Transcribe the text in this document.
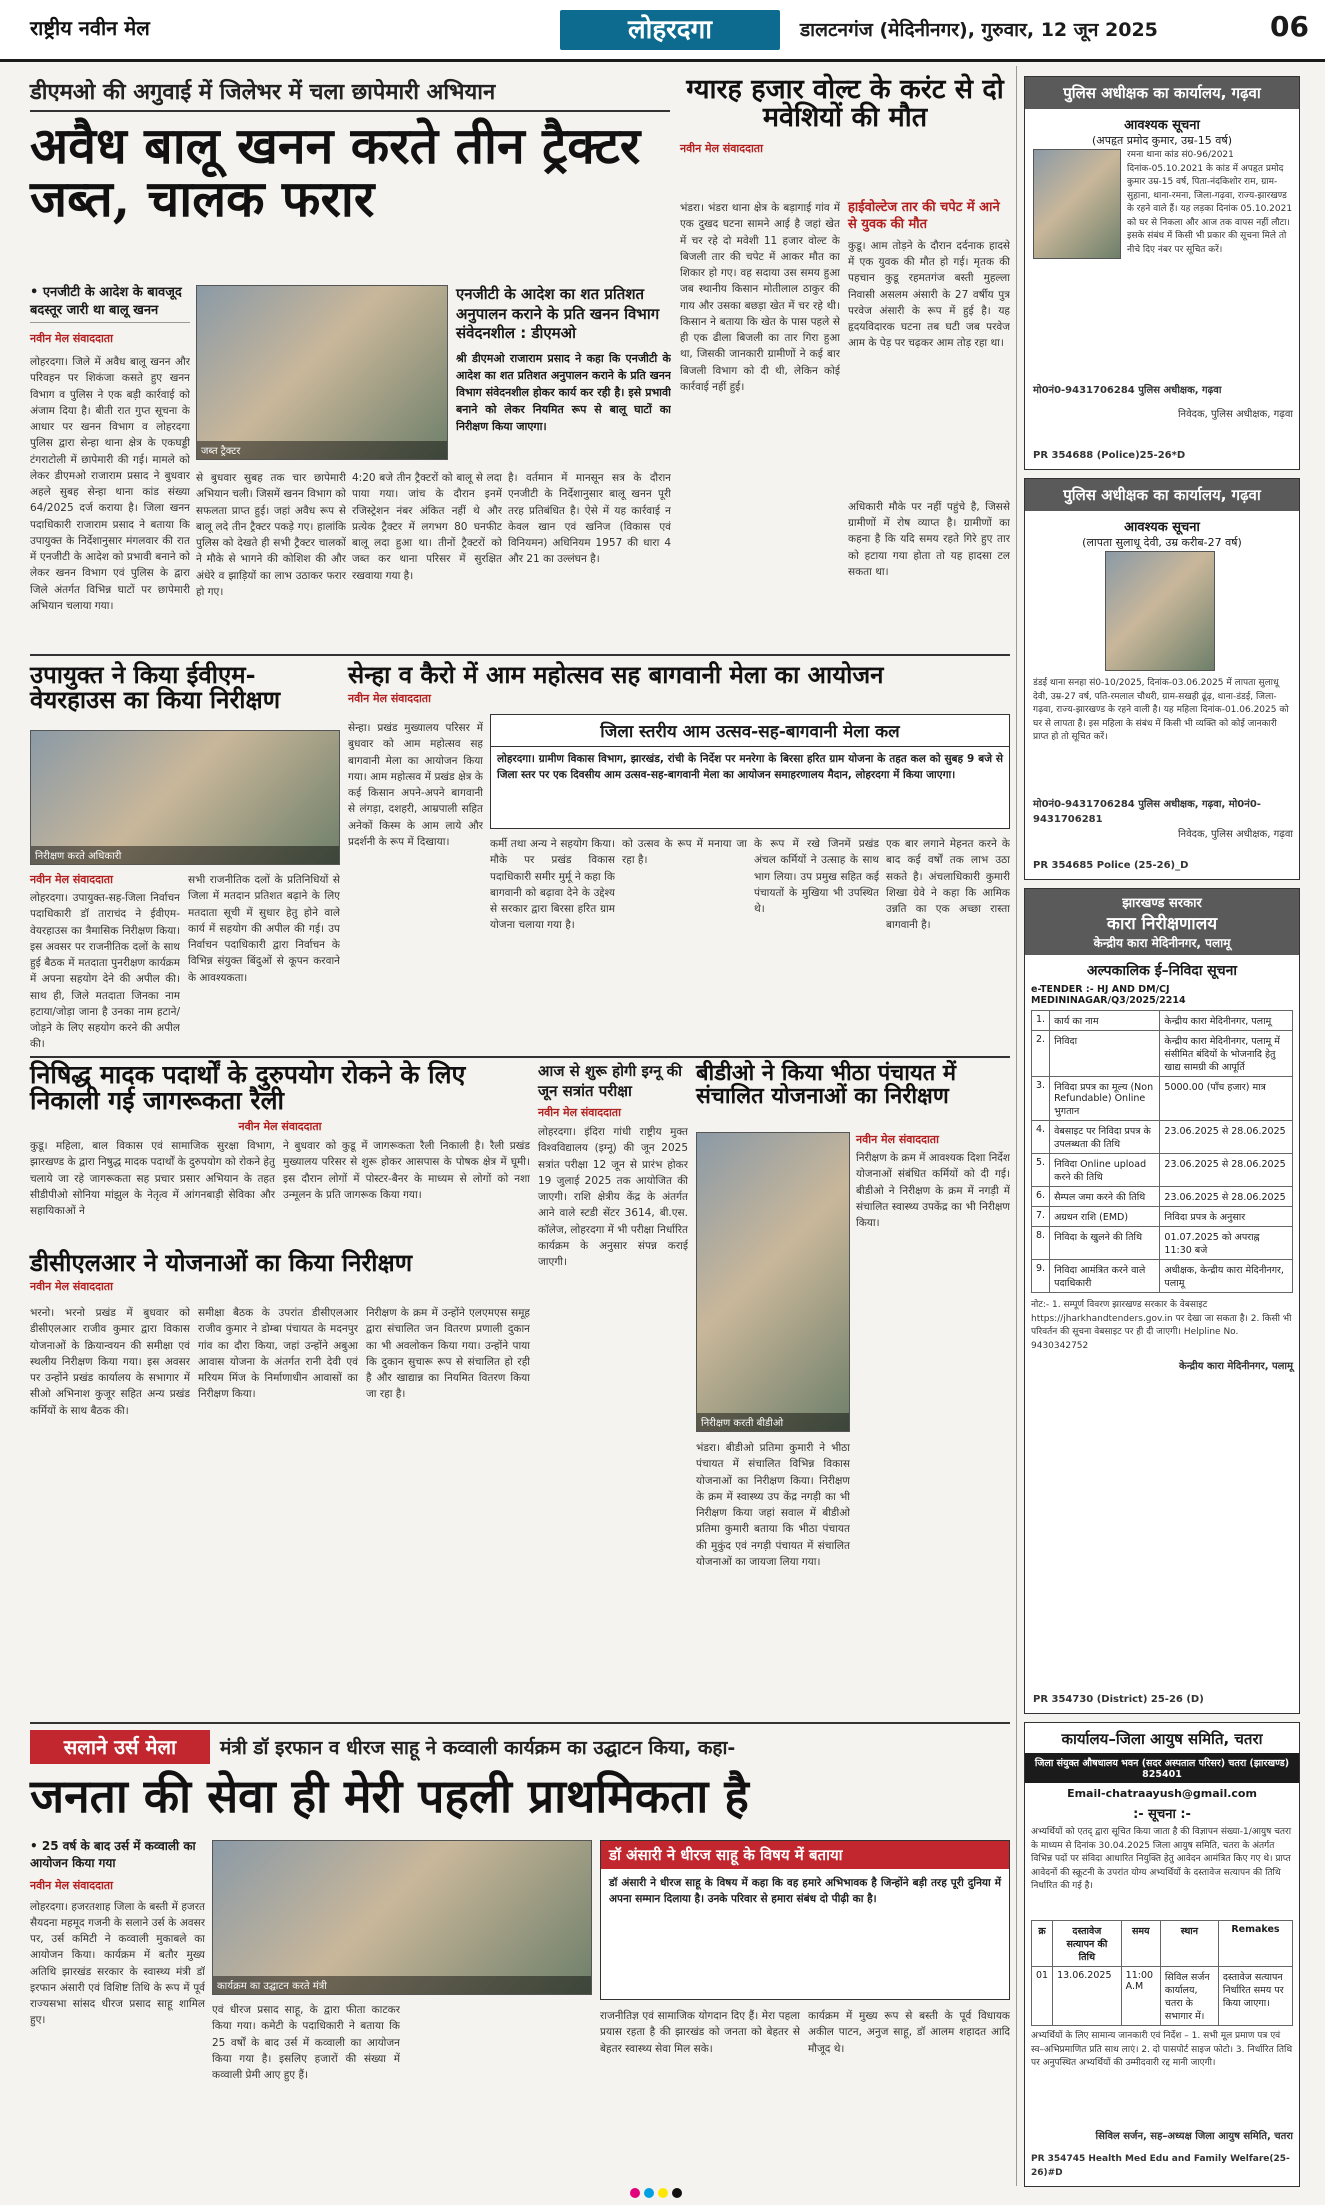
राष्ट्रीय नवीन मेल	लोहरदगा	डालटनगंज (मेदिनीनगर), गुरुवार, 12 जून 2025	06
डीएमओ की अगुवाई में जिलेभर में चला छापेमारी अभियान
अवैध बालू खनन करते तीन ट्रैक्टर जब्त, चालक फरार
• एनजीटी के आदेश के बावजूद बदस्तूर जारी था बालू खनन
नवीन मेल संवाददाता
लोहरदगा। जिले में अवैध बालू खनन और परिवहन पर शिकंजा कसते हुए खनन विभाग व पुलिस ने एक बड़ी कार्रवाई को अंजाम दिया है। बीती रात गुप्त सूचना के आधार पर खनन विभाग व लोहरदगा पुलिस द्वारा सेन्हा थाना क्षेत्र के एकघड्डी टंगराटोली में छापेमारी की गई। मामले को लेकर डीएमओ राजाराम प्रसाद ने बुधवार अहले सुबह सेन्हा थाना कांड संख्या 64/2025 दर्ज कराया है। जिला खनन पदाधिकारी राजाराम प्रसाद ने बताया कि उपायुक्त के निर्देशानुसार मंगलवार की रात में एनजीटी के आदेश को प्रभावी बनाने को लेकर खनन विभाग एवं पुलिस के द्वारा जिले अंतर्गत विभिन्न घाटों पर छापेमारी अभियान चलाया गया।
जब्त ट्रैक्टर
एनजीटी के आदेश का शत प्रतिशत अनुपालन कराने के प्रति खनन विभाग संवेदनशील : डीएमओ
श्री डीएमओ राजाराम प्रसाद ने कहा कि एनजीटी के आदेश का शत प्रतिशत अनुपालन कराने के प्रति खनन विभाग संवेदनशील होकर कार्य कर रही है। इसे प्रभावी बनाने को लेकर नियमित रूप से बालू घाटों का निरीक्षण किया जाएगा।
से बुधवार सुबह तक चार छापेमारी अभियान चली। जिसमें खनन विभाग को सफलता प्राप्त हुई। जहां अवैध रूप से बालू लदे तीन ट्रैक्टर पकड़े गए। हालांकि पुलिस को देखते ही सभी ट्रैक्टर चालकों ने मौके से भागने की कोशिश की और अंधेरे व झाड़ियों का लाभ उठाकर फरार हो गए।
4:20 बजे तीन ट्रैक्टरों को बालू से लदा पाया गया। जांच के दौरान इनमें रजिस्ट्रेशन नंबर अंकित नहीं थे और प्रत्येक ट्रैक्टर में लगभग 80 घनफीट बालू लदा हुआ था। तीनों ट्रैक्टरों को जब्त कर थाना परिसर में सुरक्षित रखवाया गया है।
है। वर्तमान में मानसून सत्र के दौरान एनजीटी के निर्देशानुसार बालू खनन पूरी तरह प्रतिबंधित है। ऐसे में यह कार्रवाई न केवल खान एवं खनिज (विकास एवं विनियमन) अधिनियम 1957 की धारा 4 और 21 का उल्लंघन है।
ग्यारह हजार वोल्ट के करंट से दो मवेशियों की मौत
नवीन मेल संवाददाता
भंडरा। भंडरा थाना क्षेत्र के बड़ागाई गांव में एक दुखद घटना सामने आई है जहां खेत में चर रहे दो मवेशी 11 हजार वोल्ट के बिजली तार की चपेट में आकर मौत का शिकार हो गए। वह सदाया उस समय हुआ जब स्थानीय किसान मोतीलाल ठाकुर की गाय और उसका बछड़ा खेत में चर रहे थी। किसान ने बताया कि खेत के पास पहले से ही एक ढीला बिजली का तार गिरा हुआ था, जिसकी जानकारी ग्रामीणों ने कई बार बिजली विभाग को दी थी, लेकिन कोई कार्रवाई नहीं हुई।
हाईवोल्टेज तार की चपेट में आने से युवक की मौत
कुडू। आम तोड़ने के दौरान दर्दनाक हादसे में एक युवक की मौत हो गई। मृतक की पहचान कुडू रहमतगंज बस्ती मुहल्ला निवासी असलम अंसारी के 27 वर्षीय पुत्र परवेज अंसारी के रूप में हुई है। यह हृदयविदारक घटना तब घटी जब परवेज आम के पेड़ पर चढ़कर आम तोड़ रहा था।
अधिकारी मौके पर नहीं पहुंचे है, जिससे ग्रामीणों में रोष व्याप्त है। ग्रामीणों का कहना है कि यदि समय रहते गिरे हुए तार को हटाया गया होता तो यह हादसा टल सकता था।
उपायुक्त ने किया ईवीएम-वेयरहाउस का किया निरीक्षण
निरीक्षण करते अधिकारी
नवीन मेल संवाददाता
लोहरदगा। उपायुक्त-सह-जिला निर्वाचन पदाधिकारी डॉ ताराचंद ने ईवीएम-वेयरहाउस का त्रैमासिक निरीक्षण किया। इस अवसर पर राजनीतिक दलों के साथ हुई बैठक में मतदाता पुनरीक्षण कार्यक्रम में अपना सहयोग देने की अपील की। साथ ही, जिले मतदाता जिनका नाम हटाया/जोड़ा जाना है उनका नाम हटाने/जोड़ने के लिए सहयोग करने की अपील की।
सभी राजनीतिक दलों के प्रतिनिधियों से जिला में मतदान प्रतिशत बढ़ाने के लिए मतदाता सूची में सुधार हेतु होने वाले कार्य में सहयोग की अपील की गई। उप निर्वाचन पदाधिकारी द्वारा निर्वाचन के विभिन्न संयुक्त बिंदुओं से कूपन करवाने के आवश्यकता।
सेन्हा व कैरो में आम महोत्सव सह बागवानी मेला का आयोजन
नवीन मेल संवाददाता
सेन्हा। प्रखंड मुख्यालय परिसर में बुधवार को आम महोत्सव सह बागवानी मेला का आयोजन किया गया। आम महोत्सव में प्रखंड क्षेत्र के कई किसान अपने-अपने बागवानी से लंगड़ा, दशहरी, आम्रपाली सहित अनेकों किस्म के आम लाये और प्रदर्शनी के रूप में दिखाया।
जिला स्तरीय आम उत्सव-सह-बागवानी मेला कल
लोहरदगा। ग्रामीण विकास विभाग, झारखंड, रांची के निर्देश पर मनरेगा के बिरसा हरित ग्राम योजना के तहत कल को सुबह 9 बजे से जिला स्तर पर एक दिवसीय आम उत्सव-सह-बागवानी मेला का आयोजन समाहरणालय मैदान, लोहरदगा में किया जाएगा।
कर्मी तथा अन्य ने सहयोग किया। मौके पर प्रखंड विकास पदाधिकारी समीर मुर्मू ने कहा कि बागवानी को बढ़ावा देने के उद्देश्य से सरकार द्वारा बिरसा हरित ग्राम योजना चलाया गया है।
को उत्सव के रूप में मनाया जा रहा है।
के रूप में रखे जिनमें प्रखंड अंचल कर्मियों ने उत्साह के साथ भाग लिया। उप प्रमुख सहित कई पंचायतों के मुखिया भी उपस्थित थे।
एक बार लगाने मेहनत करने के बाद कई वर्षों तक लाभ उठा सकते है। अंचलाधिकारी कुमारी शिखा ग्रेवे ने कहा कि आमिक उन्नति का एक अच्छा रास्ता बागवानी है।
निषिद्ध मादक पदार्थों के दुरुपयोग रोकने के लिए निकाली गई जागरूकता रैली
नवीन मेल संवाददाता
कुडू। महिला, बाल विकास एवं सामाजिक सुरक्षा विभाग, झारखण्ड के द्वारा निषुद्ध मादक पदार्थों के दुरुपयोग को रोकने हेतु चलाये जा रहे जागरूकता सह प्रचार प्रसार अभियान के तहत सीडीपीओ सोनिया मांझुल के नेतृत्व में आंगनबाड़ी सेविका और सहायिकाओं ने
ने बुधवार को कुडू में जागरूकता रैली निकाली है। रैली प्रखंड मुख्यालय परिसर से शुरू होकर आसपास के पोषक क्षेत्र में घूमी। इस दौरान लोगों में पोस्टर-बैनर के माध्यम से लोगों को नशा उन्मूलन के प्रति जागरूक किया गया।
डीसीएलआर ने योजनाओं का किया निरीक्षण
नवीन मेल संवाददाता
भरनो। भरनो प्रखंड में बुधवार को डीसीएलआर राजीव कुमार द्वारा विकास योजनाओं के क्रियान्वयन की समीक्षा एवं स्थलीय निरीक्षण किया गया। इस अवसर पर उन्होंने प्रखंड कार्यालय के सभागार में सीओ अभिनाश कुजूर सहित अन्य प्रखंड कर्मियों के साथ बैठक की।
समीक्षा बैठक के उपरांत डीसीएलआर राजीव कुमार ने डोम्बा पंचायत के मदनपुर गांव का दौरा किया, जहां उन्होंने अबुआ आवास योजना के अंतर्गत रानी देवी एवं मरियम मिंज के निर्माणाधीन आवासों का निरीक्षण किया।
निरीक्षण के क्रम में उन्होंने एलएमएस समूह द्वारा संचालित जन वितरण प्रणाली दुकान का भी अवलोकन किया गया। उन्होंने पाया कि दुकान सुचारू रूप से संचालित हो रही है और खाद्यान्न का नियमित वितरण किया जा रहा है।
आज से शुरू होगी इग्नू की जून सत्रांत परीक्षा
नवीन मेल संवाददाता
लोहरदगा। इंदिरा गांधी राष्ट्रीय मुक्त विश्वविद्यालय (इग्नू) की जून 2025 सत्रांत परीक्षा 12 जून से प्रारंभ होकर 19 जुलाई 2025 तक आयोजित की जाएगी। राशि क्षेत्रीय केंद्र के अंतर्गत आने वाले स्टडी सेंटर 3614, बी.एस. कॉलेज, लोहरदगा में भी परीक्षा निर्धारित कार्यक्रम के अनुसार संपन्न कराई जाएगी।
बीडीओ ने किया भीठा पंचायत में संचालित योजनाओं का निरीक्षण
निरीक्षण करती बीडीओ
नवीन मेल संवाददाता
भंडरा। बीडीओ प्रतिमा कुमारी ने भीठा पंचायत में संचालित विभिन्न विकास योजनाओं का निरीक्षण किया। निरीक्षण के क्रम में स्वास्थ्य उप केंद्र नगड़ी का भी निरीक्षण किया जहां सवाल में बीडीओ प्रतिमा कुमारी बताया कि भीठा पंचायत की मुकुंद एवं नगड़ी पंचायत में संचालित योजनाओं का जायजा लिया गया।
निरीक्षण के क्रम में आवश्यक दिशा निर्देश योजनाओं संबंधित कर्मियों को दी गई। बीडीओ ने निरीक्षण के क्रम में नगड़ी में संचालित स्वास्थ्य उपकेंद्र का भी निरीक्षण किया।
सलाने उर्स मेला	मंत्री डॉ इरफान व धीरज साहू ने कव्वाली कार्यक्रम का उद्घाटन किया, कहा-
जनता की सेवा ही मेरी पहली प्राथमिकता है
• 25 वर्ष के बाद उर्स में कव्वाली का आयोजन किया गया
नवीन मेल संवाददाता
लोहरदगा। हजरतशाह जिला के बस्ती में हजरत सैयदना महमूद गजनी के सलाने उर्स के अवसर पर, उर्स कमिटी ने कव्वाली मुकाबले का आयोजन किया। कार्यक्रम में बतौर मुख्य अतिथि झारखंड सरकार के स्वास्थ्य मंत्री डॉ इरफान अंसारी एवं विशिष्ट तिथि के रूप में पूर्व राज्यसभा सांसद धीरज प्रसाद साहू शामिल हुए।
कार्यक्रम का उद्घाटन करते मंत्री
एवं धीरज प्रसाद साहू, के द्वारा फीता काटकर किया गया। कमेटी के पदाधिकारी ने बताया कि 25 वर्षों के बाद उर्स में कव्वाली का आयोजन किया गया है। इसलिए हजारों की संख्या में कव्वाली प्रेमी आए हुए हैं।
डॉ अंसारी ने धीरज साहू के विषय में बताया
डॉ अंसारी ने धीरज साहू के विषय में कहा कि वह हमारे अभिभावक है जिन्होंने बड़ी तरह पूरी दुनिया में अपना सम्मान दिलाया है। उनके परिवार से हमारा संबंध दो पीढ़ी का है।
राजनीतिज्ञ एवं सामाजिक योगदान दिए हैं। मेरा पहला प्रयास रहता है की झारखंड को जनता को बेहतर से बेहतर स्वास्थ्य सेवा मिल सके।
कार्यक्रम में मुख्य रूप से बस्ती के पूर्व विधायक अकील पाटन, अनुज साहू, डॉ आलम शहादत आदि मौजूद थे।
पुलिस अधीक्षक का कार्यालय, गढ़वा
आवश्यक सूचना
(अपहृत प्रमोद कुमार, उम्र-15 वर्ष)
रमना थाना कांड सं0-96/2021 दिनांक-05.10.2021 के कांड में अपहृत प्रमोद कुमार उम्र-15 वर्ष, पिता-नंदकिशोर राम, ग्राम-सुहाना, थाना-रमना, जिला-गढ़वा, राज्य-झारखण्ड के रहने वाले हैं। यह लड़का दिनांक 05.10.2021 को घर से निकला और आज तक वापस नहीं लौटा। इसके संबंध में किसी भी प्रकार की सूचना मिले तो नीचे दिए नंबर पर सूचित करें।
मो0नं0-9431706284 पुलिस अधीक्षक, गढ़वा
निवेदक, पुलिस अधीक्षक, गढ़वा
PR 354688 (Police)25-26*D
पुलिस अधीक्षक का कार्यालय, गढ़वा
आवश्यक सूचना
(लापता सुलाधू देवी, उम्र करीब-27 वर्ष)
डंडई थाना सनहा सं0-10/2025, दिनांक-03.06.2025 में लापता सुलाधू देवी, उम्र-27 वर्ष, पति-रमलाल चौधरी, ग्राम-सखही ढूंढ़, थाना-डंडई, जिला-गढ़वा, राज्य-झारखण्ड के रहने वाली है। यह महिला दिनांक-01.06.2025 को घर से लापता है। इस महिला के संबंध में किसी भी व्यक्ति को कोई जानकारी प्राप्त हो तो सूचित करें।
मो0नं0-9431706284 पुलिस अधीक्षक, गढ़वा, मो0नं0-9431706281
निवेदक, पुलिस अधीक्षक, गढ़वा
PR 354685 Police (25-26)_D
झारखण्ड सरकार
कारा निरीक्षणालय
केन्द्रीय कारा मेदिनीनगर, पलामू
अल्पकालिक ई–निविदा सूचना
e-TENDER :- HJ AND DM/CJ MEDININAGAR/Q3/2025/2214
1.	कार्य का नाम	केन्द्रीय कारा मेदिनीनगर, पलामू
2.	निविदा	केन्द्रीय कारा मेदिनीनगर, पलामू में संसीमित बंदियों के भोजनादि हेतु खाद्य सामग्री की आपूर्ति
3.	निविदा प्रपत्र का मूल्य (Non Refundable) Online भुगतान	5000.00 (पाँच हजार) मात्र
4.	वेबसाइट पर निविदा प्रपत्र के उपलब्धता की तिथि	23.06.2025 से 28.06.2025
5.	निविदा Online upload करने की तिथि	23.06.2025 से 28.06.2025
6.	सैम्पल जमा करने की तिथि	23.06.2025 से 28.06.2025
7.	अग्रधन राशि (EMD)	निविदा प्रपत्र के अनुसार
8.	निविदा के खुलने की तिथि	01.07.2025 को अपराह्न 11:30 बजे
9.	निविदा आमंत्रित करने वाले पदाधिकारी	अधीक्षक, केन्द्रीय कारा मेदिनीनगर, पलामू
नोट:- 1. सम्पूर्ण विवरण झारखण्ड सरकार के वेबसाइट https://jharkhandtenders.gov.in पर देखा जा सकता है। 2. किसी भी परिवर्तन की सूचना वेबसाइट पर ही दी जाएगी। Helpline No. 9430342752
केन्द्रीय कारा मेदिनीनगर, पलामू
PR 354730 (District) 25-26 (D)
कार्यालय–जिला आयुष समिति, चतरा
जिला संयुक्त औषधालय भवन (सदर अस्पताल परिसर) चतरा (झारखण्ड) 825401
Email-chatraayush@gmail.com
:- सूचना :-
अभ्यर्थियों को एतद् द्वारा सूचित किया जाता है की विज्ञापन संख्या-1/आयुष चतरा के माध्यम से दिनांक 30.04.2025 जिला आयुष समिति, चतरा के अंतर्गत विभिन्न पदों पर संविदा आधारित नियुक्ति हेतु आवेदन आमंत्रित किए गए थे। प्राप्त आवेदनों की स्क्रूटनी के उपरांत योग्य अभ्यर्थियों के दस्तावेज सत्यापन की तिथि निर्धारित की गई है।
क्र	दस्तावेज सत्यापन की तिथि	समय	स्थान	Remakes
01	13.06.2025	11:00 A.M	सिविल सर्जन कार्यालय, चतरा के सभागार में।	दस्तावेज सत्यापन निर्धारित समय पर किया जाएगा।
अभ्यर्थियों के लिए सामान्य जानकारी एवं निर्देश – 1. सभी मूल प्रमाण पत्र एवं स्व–अभिप्रमाणित प्रति साथ लाएं। 2. दो पासपोर्ट साइज फोटो। 3. निर्धारित तिथि पर अनुपस्थित अभ्यर्थियों की उम्मीदवारी रद्द मानी जाएगी।
सिविल सर्जन, सह–अध्यक्ष जिला आयुष समिति, चतरा
PR 354745 Health Med Edu and Family Welfare(25-26)#D
